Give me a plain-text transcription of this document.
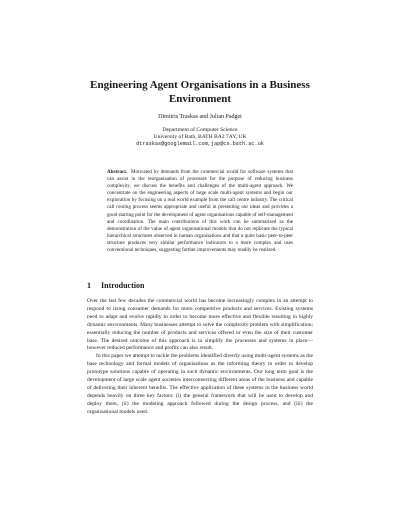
Engineering Agent Organisations in a Business Environment
Dimitris Traskas and Julian Padget
Department of Computer Science
University of Bath, BATH BA2 7AY, UK
dtraskas@googlemail.com,jap@cs.bath.ac.uk

Abstract. Motivated by demands from the commercial world for software systems that can assist in the reorganisation of processes for the purpose of reducing business complexity, we discuss the benefits and challenges of the multi-agent approach. We concentrate on the engineering aspects of large scale multi-agent systems and begin our exploration by focusing on a real world example from the call centre industry. The critical call routing process seems appropriate and useful in presenting our ideas and provides a good starting point for the development of agent organisations capable of self-management and coordination. The main contributions of this work can be summarised as the demonstration of the value of agent organisational models that do not replicate the typical hierarchical structures observed in human organisations and that a quite basic peer-to-peer structure produces very similar performance indicators to a more complex and uses conventional techniques, suggesting further improvements may readily be realized.

1 Introduction

Over the last few decades the commercial world has become increasingly complex in an attempt to respond to rising consumer demands for more competitive products and services. Existing systems need to adapt and evolve rapidly in order to become more effective and flexible resulting in highly dynamic environments. Many businesses attempt to solve the complexity problem with simplification; essentially reducing the number of products and services offered or even the size of their customer base. The desired outcome of this approach is to simplify the processes and systems in place—however reduced performance and profits can also result.

In this paper we attempt to tackle the problems identified directly using multi-agent systems as the base technology and formal models of organisations as the informing theory in order to develop prototype solutions capable of operating in such dynamic environments. Our long term goal is the development of large scale agent societies interconnecting different areas of the business and capable of delivering their inherent benefits. The effective application of these systems in the business world depends heavily on three key factors: (i) the general framework that will be used to develop and deploy them, (ii) the modeling approach followed during the design process, and (iii) the organisational models used.
